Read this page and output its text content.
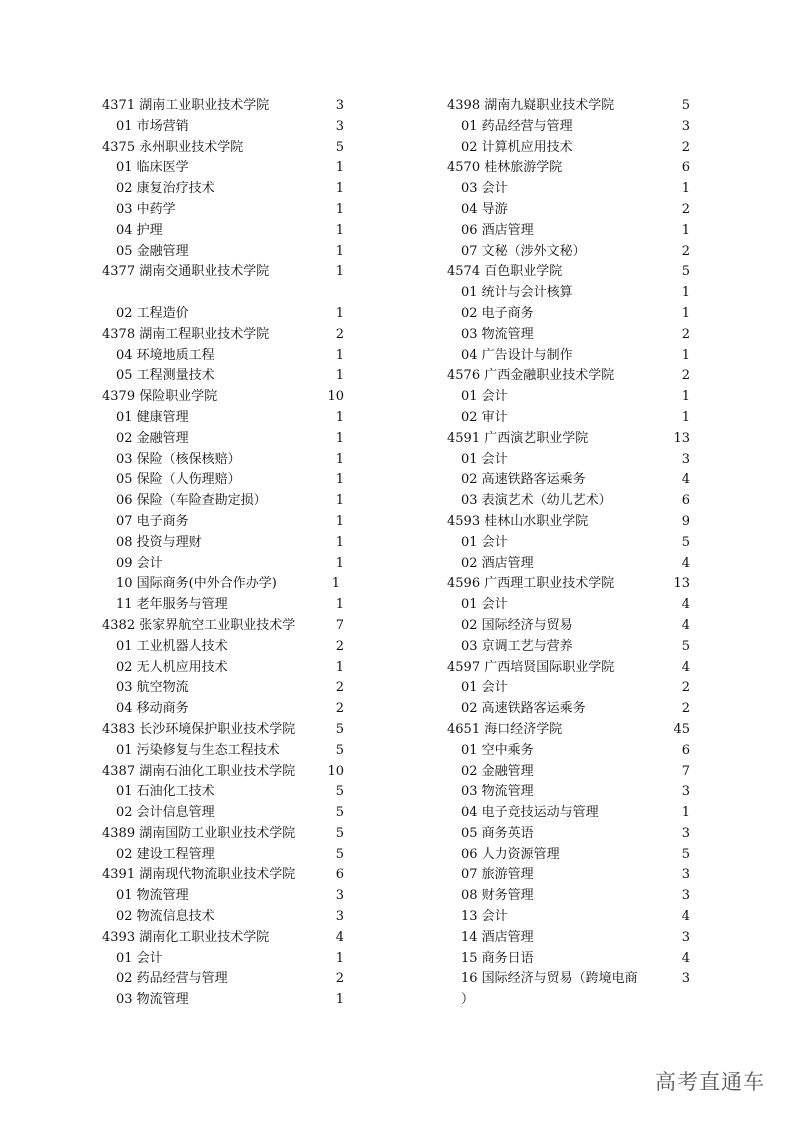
4371 湖南工业职业技术学院	3
01 市场营销	3
4375 永州职业技术学院	5
01 临床医学	1
02 康复治疗技术	1
03 中药学	1
04 护理	1
05 金融管理	1
4377 湖南交通职业技术学院	1
02 工程造价	1
4378 湖南工程职业技术学院	2
04 环境地质工程	1
05 工程测量技术	1
4379 保险职业学院	10
01 健康管理	1
02 金融管理	1
03 保险（核保核赔）	1
05 保险（人伤理赔）	1
06 保险（车险查勘定损）	1
07 电子商务	1
08 投资与理财	1
09 会计	1
10 国际商务(中外合作办学)	1
11 老年服务与管理	1
4382 张家界航空工业职业技术学	7
01 工业机器人技术	2
02 无人机应用技术	1
03 航空物流	2
04 移动商务	2
4383 长沙环境保护职业技术学院	5
01 污染修复与生态工程技术	5
4387 湖南石油化工职业技术学院 10
01 石油化工技术	5
02 会计信息管理	5
4389 湖南国防工业职业技术学院	5
02 建设工程管理	5
4391 湖南现代物流职业技术学院	6
01 物流管理	3
02 物流信息技术	3
4393 湖南化工职业技术学院	4
01 会计	1
02 药品经营与管理	2
03 物流管理	1
4398 湖南九嶷职业技术学院	5
01 药品经营与管理	3
02 计算机应用技术	2
4570 桂林旅游学院	6
03 会计	1
04 导游	2
06 酒店管理	1
07 文秘（涉外文秘）	2
4574 百色职业学院	5
01 统计与会计核算	1
02 电子商务	1
03 物流管理	2
04 广告设计与制作	1
4576 广西金融职业技术学院	2
01 会计	1
02 审计	1
4591 广西演艺职业学院	13
01 会计	3
02 高速铁路客运乘务	4
03 表演艺术（幼儿艺术）	6
4593 桂林山水职业学院	9
01 会计	5
02 酒店管理	4
4596 广西理工职业技术学院	13
01 会计	4
02 国际经济与贸易	4
03 京调工艺与营养	5
4597 广西培贤国际职业学院	4
01 会计	2
02 高速铁路客运乘务	2
4651 海口经济学院	45
01 空中乘务	6
02 金融管理	7
03 物流管理	3
04 电子竞技运动与管理	1
05 商务英语	3
06 人力资源管理	5
07 旅游管理	3
08 财务管理	3
13 会计	4
14 酒店管理	3
15 商务日语	4
16 国际经济与贸易（跨境电商	3
）
高考直通车
